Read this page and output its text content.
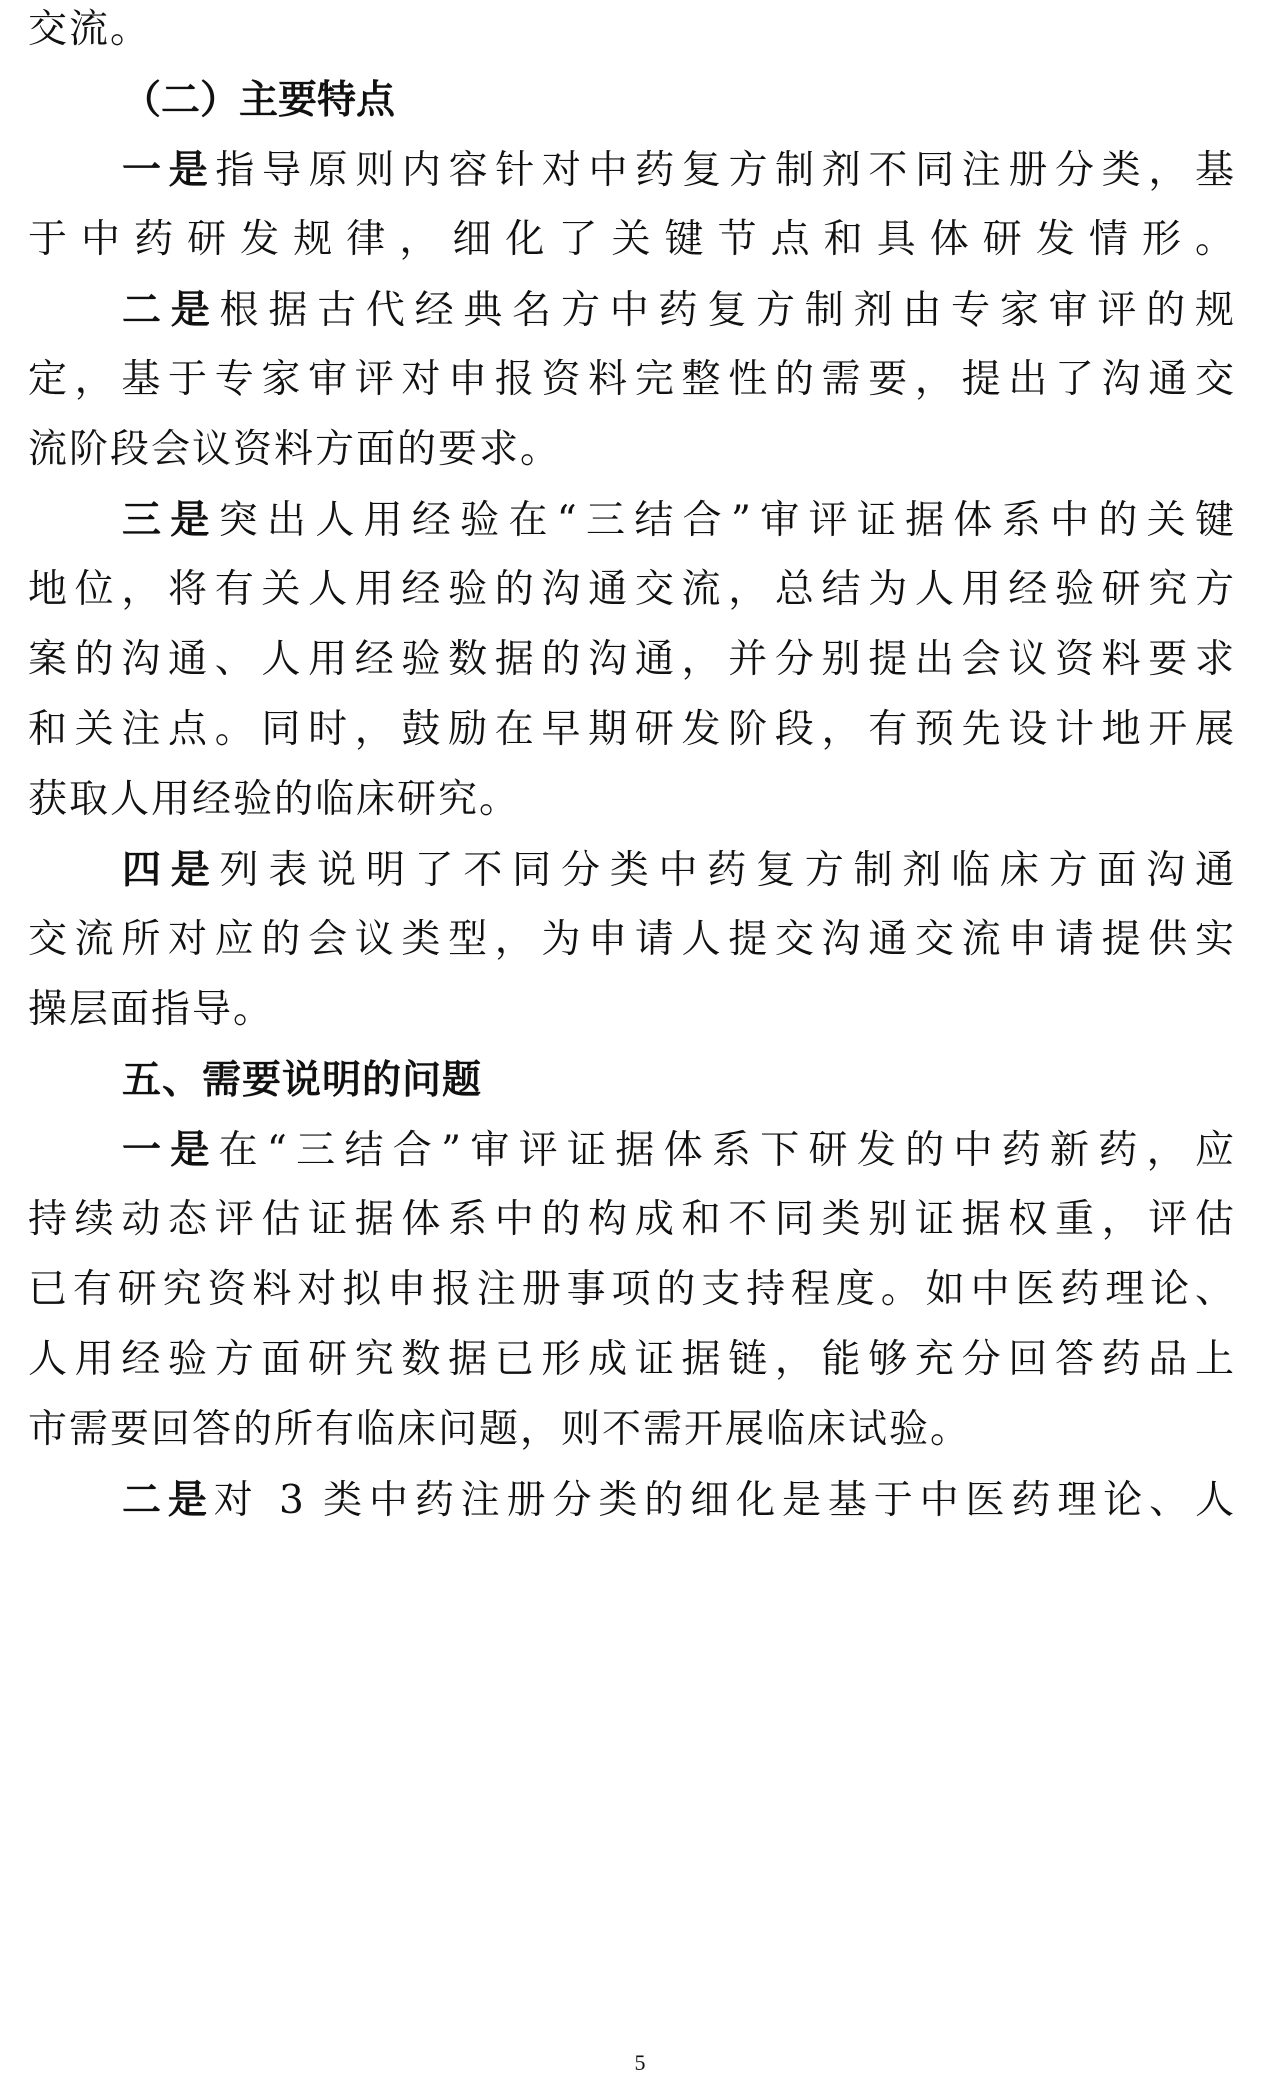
交流。
（二）主要特点
一是指导原则内容针对中药复方制剂不同注册分类，基
于中药研发规律，细化了关键节点和具体研发情形。
二是根据古代经典名方中药复方制剂由专家审评的规
定，基于专家审评对申报资料完整性的需要，提出了沟通交
流阶段会议资料方面的要求。
三是突出人用经验在“三结合”审评证据体系中的关键
地位，将有关人用经验的沟通交流，总结为人用经验研究方
案的沟通、人用经验数据的沟通，并分别提出会议资料要求
和关注点。同时，鼓励在早期研发阶段，有预先设计地开展
获取人用经验的临床研究。
四是列表说明了不同分类中药复方制剂临床方面沟通
交流所对应的会议类型，为申请人提交沟通交流申请提供实
操层面指导。
五、需要说明的问题
一是在“三结合”审评证据体系下研发的中药新药，应
持续动态评估证据体系中的构成和不同类别证据权重，评估
已有研究资料对拟申报注册事项的支持程度。如中医药理论、
人用经验方面研究数据已形成证据链，能够充分回答药品上
市需要回答的所有临床问题，则不需开展临床试验。
二是对 3 类中药注册分类的细化是基于中医药理论、人
5
